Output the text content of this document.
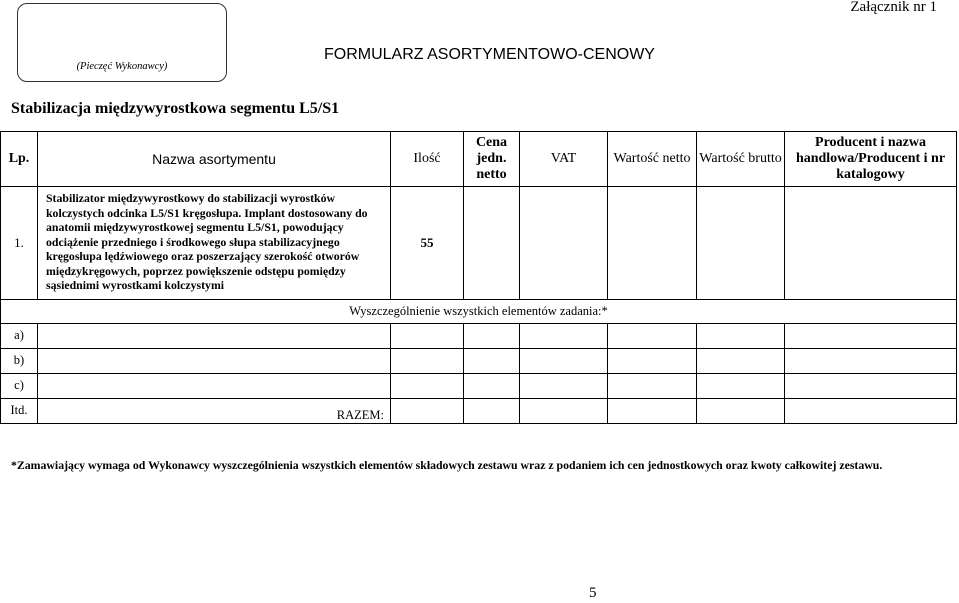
Załącznik nr 1
(Pieczęć Wykonawcy)
FORMULARZ ASORTYMENTOWO-CENOWY
Stabilizacja międzywyrostkowa segmentu L5/S1
Lp.	Nazwa asortymentu	Ilość	Cena jedn. netto	VAT	Wartość netto	Wartość brutto	Producent i nazwa handlowa/Producent i nr katalogowy
1.	Stabilizator międzywyrostkowy do stabilizacji wyrostków kolczystych odcinka L5/S1 kręgosłupa. Implant dostosowany do anatomii międzywyrostkowej segmentu L5/S1, powodujący odciążenie przedniego i środkowego słupa stabilizacyjnego kręgosłupa lędźwiowego oraz poszerzający szerokość otworów międzykręgowych, poprzez powiększenie odstępu pomiędzy sąsiednimi wyrostkami kolczystymi	55					
Wyszczególnienie wszystkich elementów zadania:*							
a)							
b)							
c)							
Itd.	RAZEM:						
*Zamawiający wymaga od Wykonawcy wyszczególnienia wszystkich elementów składowych zestawu wraz z podaniem ich cen jednostkowych oraz kwoty całkowitej zestawu.
5
